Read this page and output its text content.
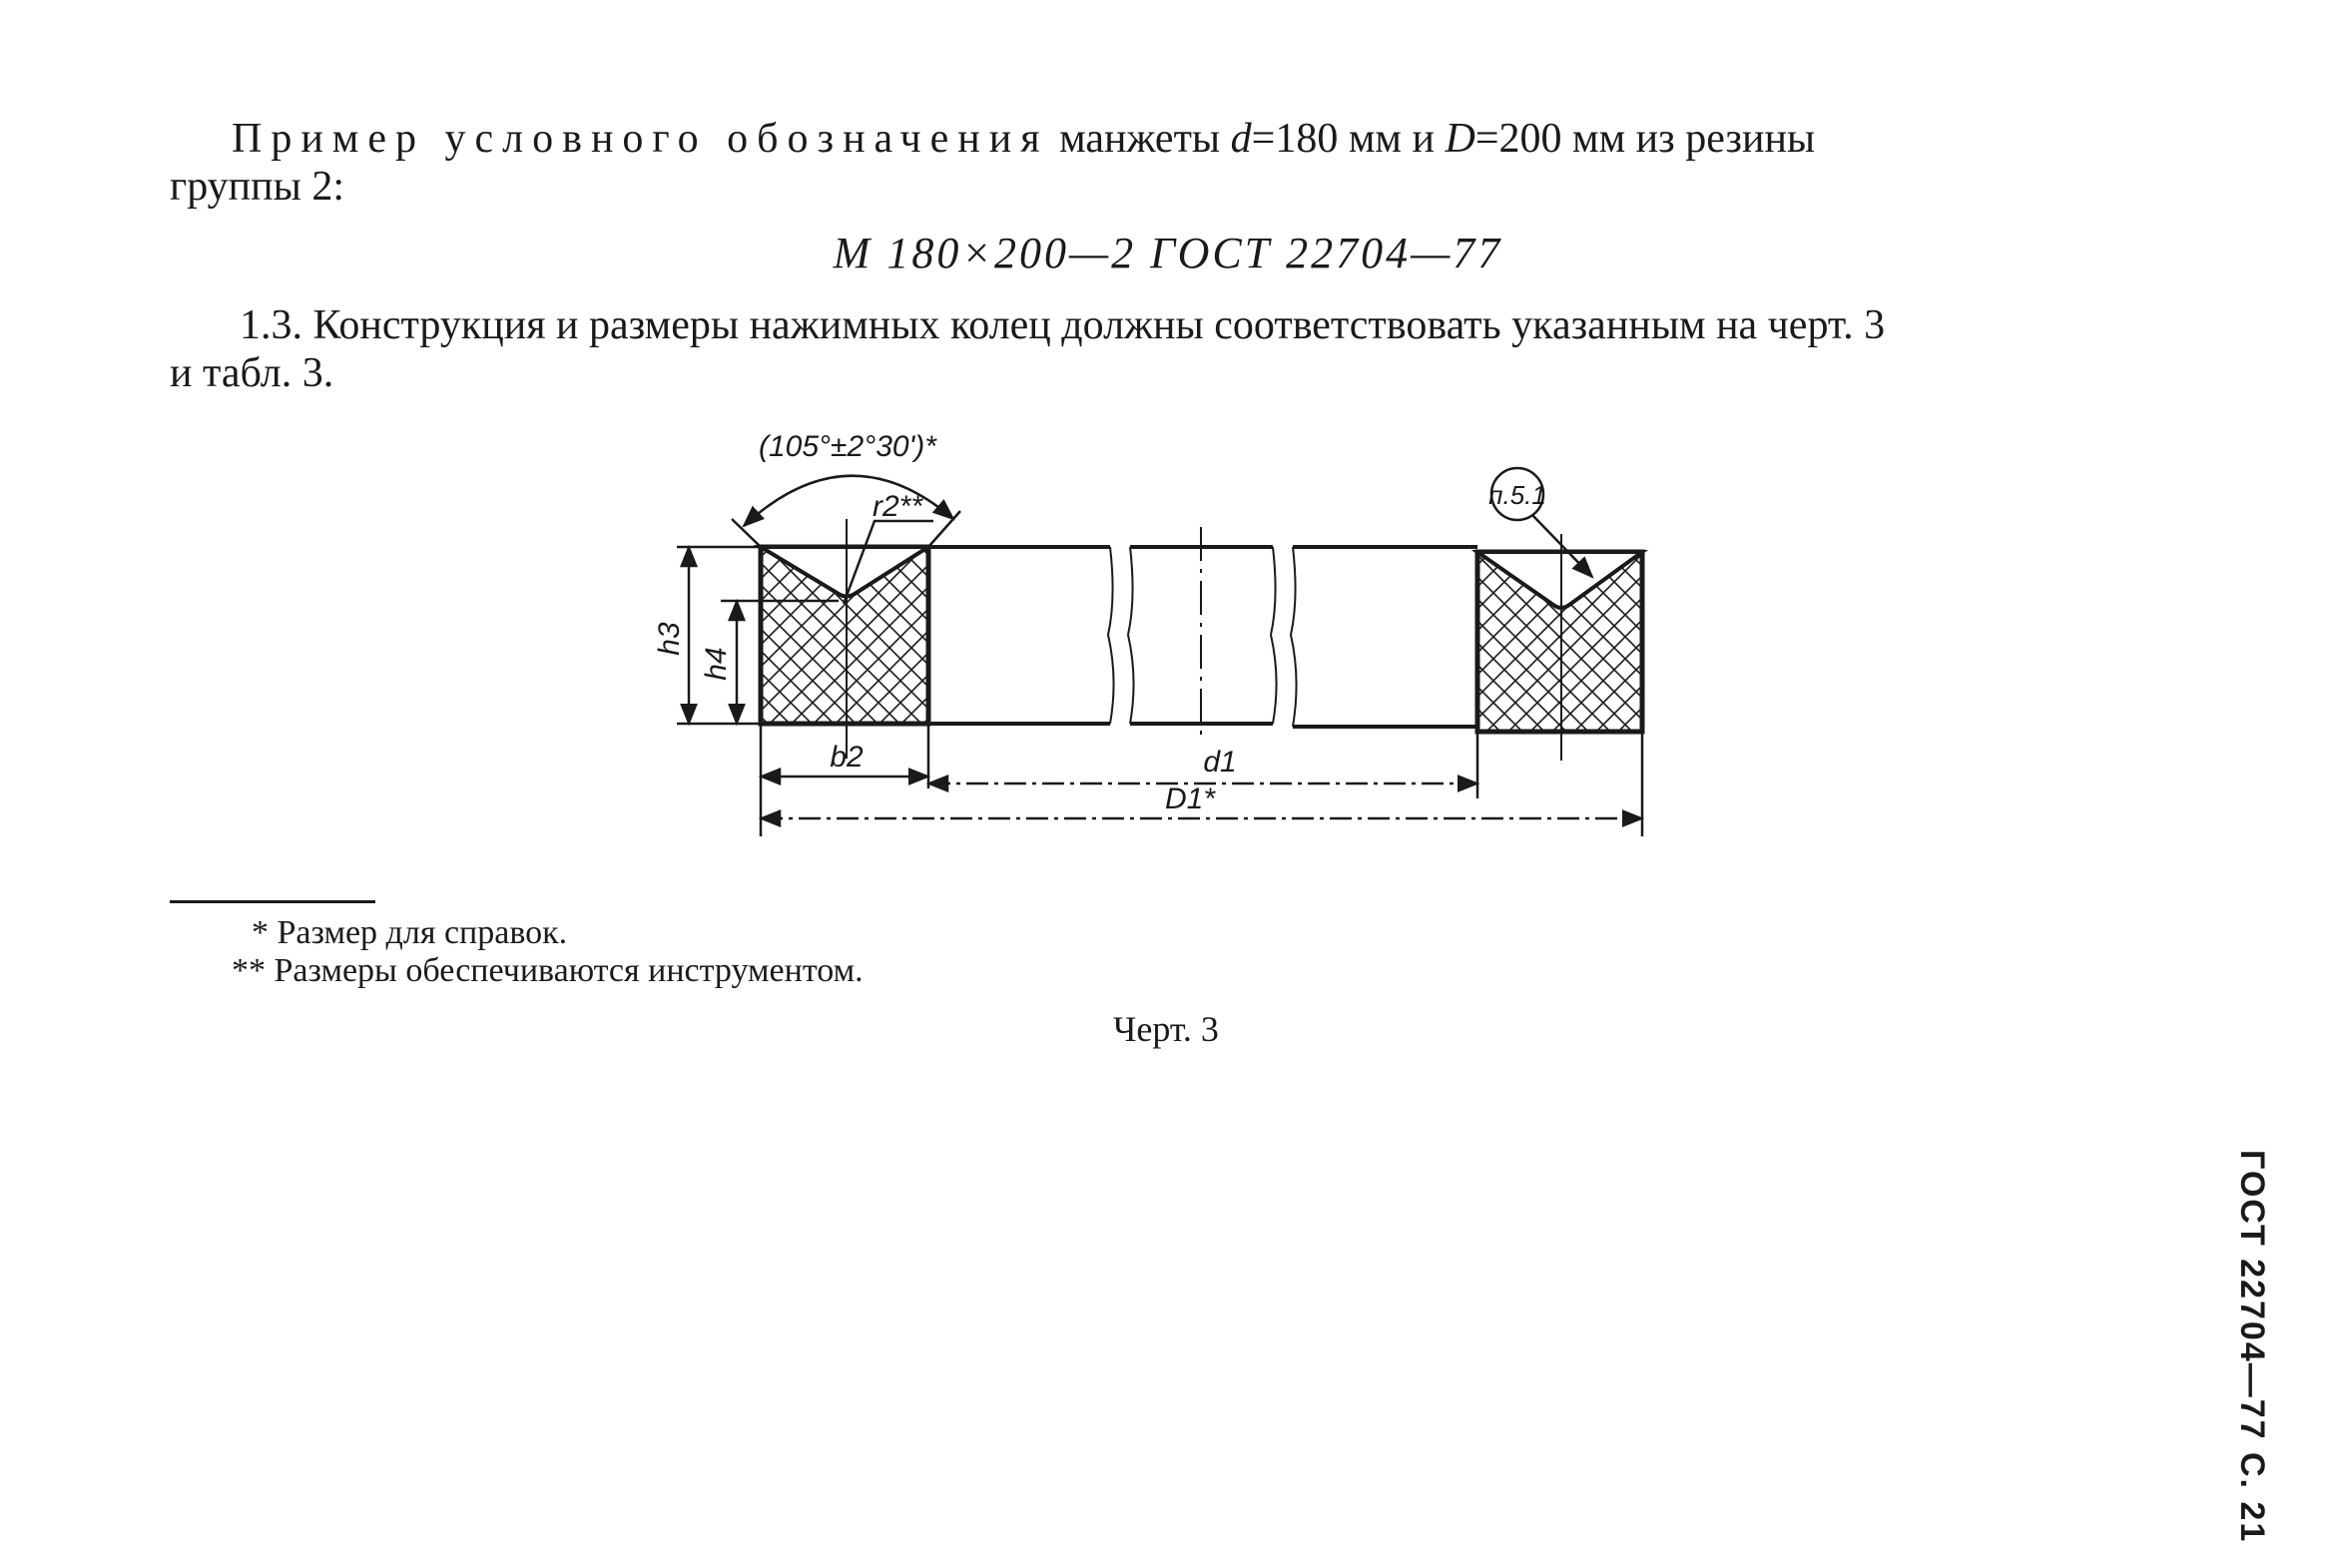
Пример условного обозначения манжеты d=180 мм и D=200 мм из резины
группы 2:
M 180×200—2 ГОСТ 22704—77
1.3. Конструкция и размеры нажимных колец должны соответствовать указанным на черт. 3
и табл. 3.
(105°±2°30')*
r2**	п.5.1
h3
h4
b2	d1
D1*
* Размер для справок.
** Размеры обеспечиваются инструментом.
Черт. 3
ГОСТ 22704—77 С. 21
